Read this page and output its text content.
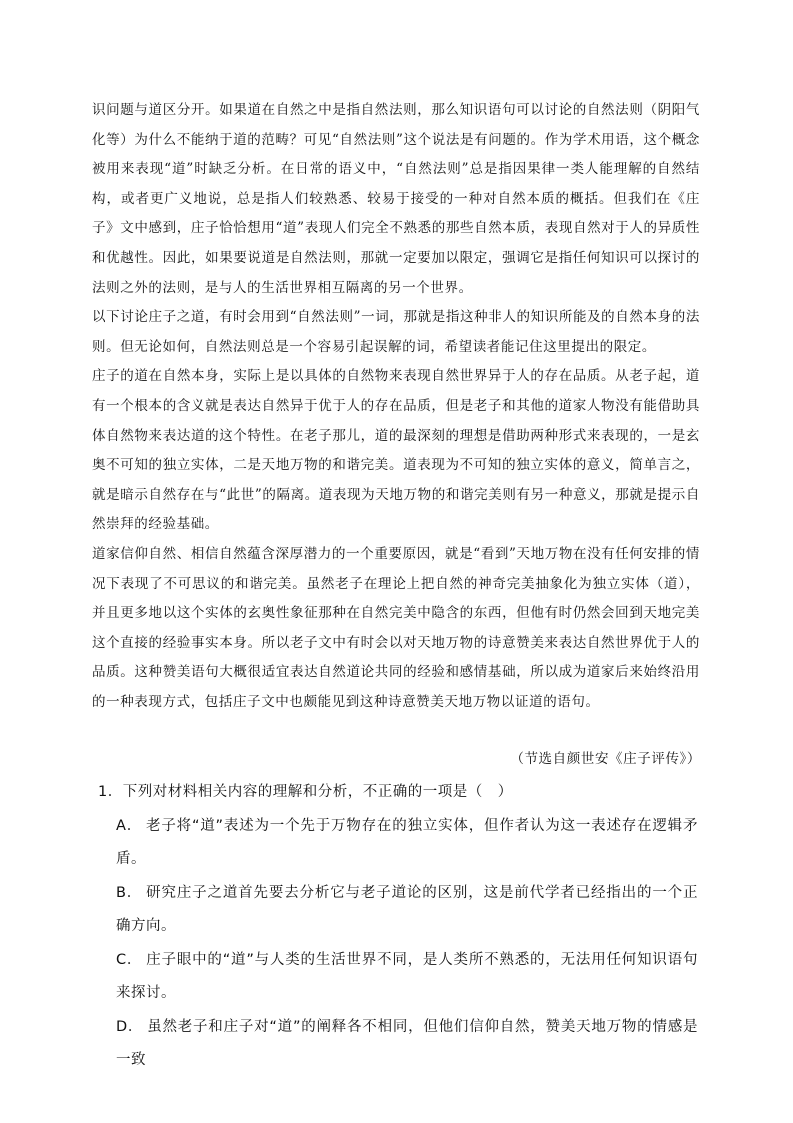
识问题与道区分开。如果道在自然之中是指自然法则，那么知识语句可以讨论的自然法则（阴阳气化等）为什么不能纳于道的范畴？可见“自然法则”这个说法是有问题的。作为学术用语，这个概念被用来表现“道”时缺乏分析。在日常的语义中，“自然法则”总是指因果律一类人能理解的自然结构，或者更广义地说，总是指人们较熟悉、较易于接受的一种对自然本质的概括。但我们在《庄子》文中感到，庄子恰恰想用“道”表现人们完全不熟悉的那些自然本质，表现自然对于人的异质性和优越性。因此，如果要说道是自然法则，那就一定要加以限定，强调它是指任何知识可以探讨的法则之外的法则，是与人的生活世界相互隔离的另一个世界。

以下讨论庄子之道，有时会用到“自然法则”一词，那就是指这种非人的知识所能及的自然本身的法则。但无论如何，自然法则总是一个容易引起误解的词，希望读者能记住这里提出的限定。

庄子的道在自然本身，实际上是以具体的自然物来表现自然世界异于人的存在品质。从老子起，道有一个根本的含义就是表达自然异于优于人的存在品质，但是老子和其他的道家人物没有能借助具体自然物来表达道的这个特性。在老子那儿，道的最深刻的理想是借助两种形式来表现的，一是玄奥不可知的独立实体，二是天地万物的和谐完美。道表现为不可知的独立实体的意义，简单言之，就是暗示自然存在与“此世”的隔离。道表现为天地万物的和谐完美则有另一种意义，那就是提示自然崇拜的经验基础。

道家信仰自然、相信自然蕴含深厚潜力的一个重要原因，就是“看到”天地万物在没有任何安排的情况下表现了不可思议的和谐完美。虽然老子在理论上把自然的神奇完美抽象化为独立实体（道），并且更多地以这个实体的玄奥性象征那种在自然完美中隐含的东西，但他有时仍然会回到天地完美这个直接的经验事实本身。所以老子文中有时会以对天地万物的诗意赞美来表达自然世界优于人的品质。这种赞美语句大概很适宜表达自然道论共同的经验和感情基础，所以成为道家后来始终沿用的一种表现方式，包括庄子文中也颇能见到这种诗意赞美天地万物以证道的语句。

（节选自颜世安《庄子评传》）

1．下列对材料相关内容的理解和分析，不正确的一项是（　）

A． 老子将“道”表述为一个先于万物存在的独立实体，但作者认为这一表述存在逻辑矛盾。

B． 研究庄子之道首先要去分析它与老子道论的区别，这是前代学者已经指出的一个正确方向。

C． 庄子眼中的“道”与人类的生活世界不同，是人类所不熟悉的，无法用任何知识语句来探讨。

D． 虽然老子和庄子对“道”的阐释各不相同，但他们信仰自然，赞美天地万物的情感是一致
